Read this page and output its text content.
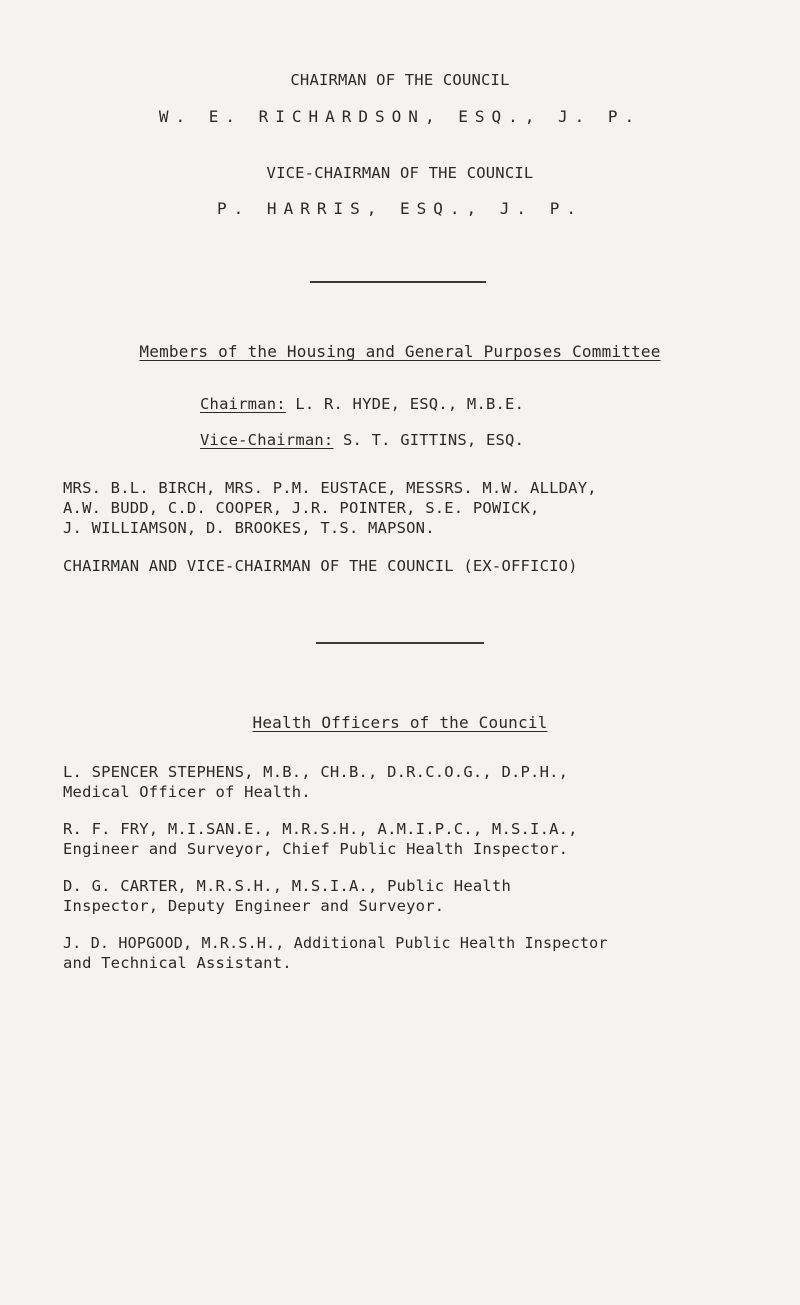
CHAIRMAN OF THE COUNCIL
W. E. RICHARDSON, ESQ., J. P.
VICE-CHAIRMAN OF THE COUNCIL
P. HARRIS, ESQ., J. P.
Members of the Housing and General Purposes Committee
Chairman: L. R. HYDE, ESQ., M.B.E.
Vice-Chairman: S. T. GITTINS, ESQ.
MRS. B.L. BIRCH, MRS. P.M. EUSTACE, MESSRS. M.W. ALLDAY,
A.W. BUDD, C.D. COOPER, J.R. POINTER, S.E. POWICK,
J. WILLIAMSON, D. BROOKES, T.S. MAPSON.
CHAIRMAN AND VICE-CHAIRMAN OF THE COUNCIL (EX-OFFICIO)
Health Officers of the Council
L. SPENCER STEPHENS, M.B., CH.B., D.R.C.O.G., D.P.H.,
Medical Officer of Health.
R. F. FRY, M.I.SAN.E., M.R.S.H., A.M.I.P.C., M.S.I.A.,
Engineer and Surveyor, Chief Public Health Inspector.
D. G. CARTER, M.R.S.H., M.S.I.A., Public Health
Inspector, Deputy Engineer and Surveyor.
J. D. HOPGOOD, M.R.S.H., Additional Public Health Inspector
and Technical Assistant.
